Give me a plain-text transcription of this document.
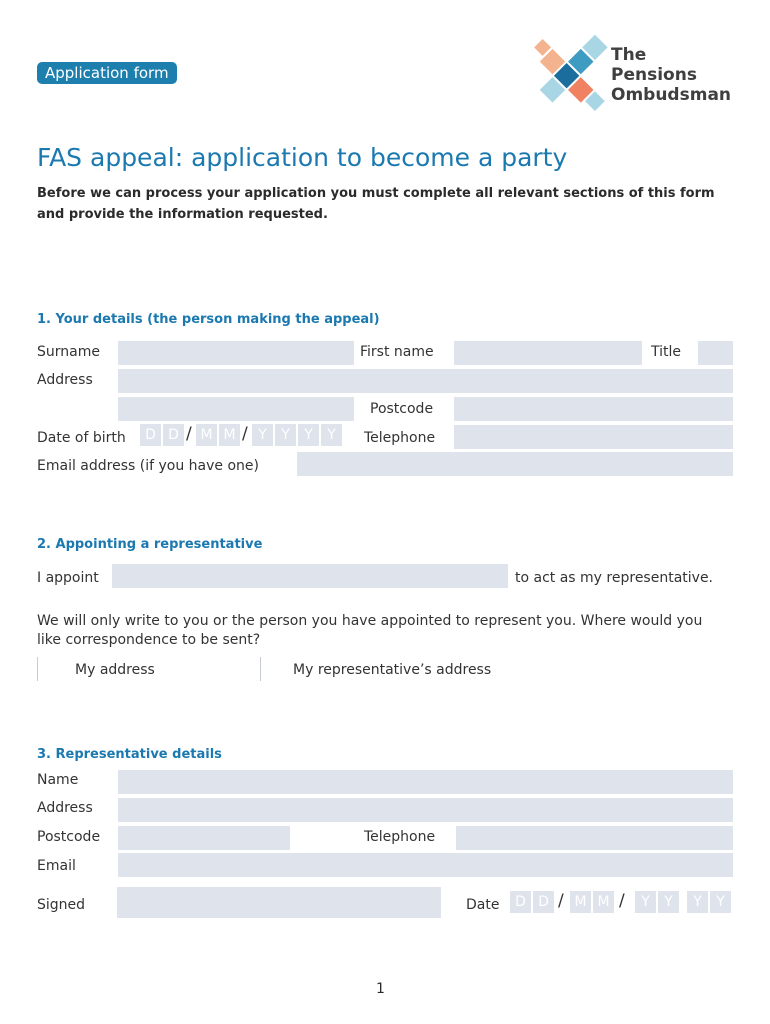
Application form
The
Pensions
Ombudsman
FAS appeal: application to become a party
Before we can process your application you must complete all relevant sections of this form and provide the information requested.
1. Your details (the person making the appeal)
Surname	First name	Title
Address
Postcode
Date of birth	D D / M M / Y	Y	Y	Y	Telephone
Email address (if you have one)
2. Appointing a representative
I appoint	to act as my representative.
We will only write to you or the person you have appointed to represent you. Where would you like correspondence to be sent?
My address	My representative’s address
3. Representative details
Name
Address
Postcode	Telephone
Email
Signed	Date	D D / M M /	Y	Y	Y	Y
1
